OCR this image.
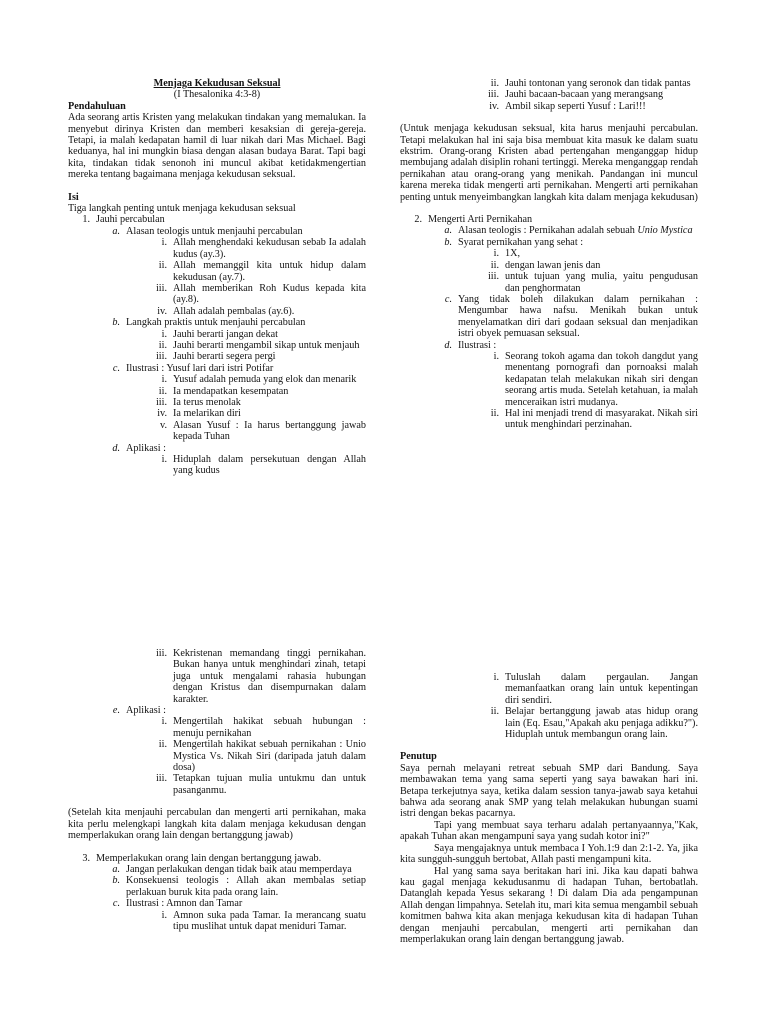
Menjaga Kekudusan Seksual

(I Thesalonika 4:3-8)

Pendahuluan

Ada seorang artis Kristen yang melakukan tindakan yang memalukan. Ia menyebut dirinya Kristen dan memberi kesaksian di gereja-gereja. Tetapi, ia malah kedapatan hamil di luar nikah dari Mas Michael. Bagi keduanya, hal ini mungkin biasa dengan alasan budaya Barat. Tapi bagi kita, tindakan tidak senonoh ini muncul akibat ketidakmengertian mereka tentang bagaimana menjaga kekudusan seksual.

Isi

Tiga langkah penting untuk menjaga kekudusan seksual

1. Jauhi percabulan
a. Alasan teologis untuk menjauhi percabulan
i. Allah menghendaki kekudusan sebab Ia adalah kudus (ay.3).
ii. Allah memanggil kita untuk hidup dalam kekudusan (ay.7).
iii. Allah memberikan Roh Kudus kepada kita (ay.8).
iv. Allah adalah pembalas (ay.6).
b. Langkah praktis untuk menjauhi percabulan
i. Jauhi berarti jangan dekat
ii. Jauhi berarti mengambil sikap untuk menjauh
iii. Jauhi berarti segera pergi
c. Ilustrasi : Yusuf lari dari istri Potifar
i. Yusuf adalah pemuda yang elok dan menarik
ii. Ia mendapatkan kesempatan
iii. Ia terus menolak
iv. Ia melarikan diri
v. Alasan Yusuf : Ia harus bertanggung jawab kepada Tuhan
d. Aplikasi :
i. Hiduplah dalam persekutuan dengan Allah yang kudus
ii. Jauhi tontonan yang seronok dan tidak pantas
iii. Jauhi bacaan-bacaan yang merangsang
iv. Ambil sikap seperti Yusuf : Lari!!!

(Untuk menjaga kekudusan seksual, kita harus menjauhi percabulan. Tetapi melakukan hal ini saja bisa membuat kita masuk ke dalam suatu ekstrim. Orang-orang Kristen abad pertengahan menganggap hidup membujang adalah disiplin rohani tertinggi. Mereka menganggap rendah pernikahan atau orang-orang yang menikah. Pandangan ini muncul karena mereka tidak mengerti arti pernikahan. Mengerti arti pernikahan penting untuk menyeimbangkan langkah kita dalam menjaga kekudusan)

2. Mengerti Arti Pernikahan
a. Alasan teologis : Pernikahan adalah sebuah Unio Mystica
b. Syarat pernikahan yang sehat :
i. 1X,
ii. dengan lawan jenis dan
iii. untuk tujuan yang mulia, yaitu pengudusan dan penghormatan
c. Yang tidak boleh dilakukan dalam pernikahan : Mengumbar hawa nafsu. Menikah bukan untuk menyelamatkan diri dari godaan seksual dan menjadikan istri obyek pemuasan seksual.
d. Ilustrasi :
i. Seorang tokoh agama dan tokoh dangdut yang menentang pornografi dan pornoaksi malah kedapatan telah melakukan nikah siri dengan seorang artis muda. Setelah ketahuan, ia malah menceraikan istri mudanya.
ii. Hal ini menjadi trend di masyarakat. Nikah siri untuk menghindari perzinahan.
iii. Kekristenan memandang tinggi pernikahan. Bukan hanya untuk menghindari zinah, tetapi juga untuk mengalami rahasia hubungan dengan Kristus dan disempurnakan dalam karakter.
e. Aplikasi :
i. Mengertilah hakikat sebuah hubungan : menuju pernikahan
ii. Mengertilah hakikat sebuah pernikahan : Unio Mystica Vs. Nikah Siri (daripada jatuh dalam dosa)
iii. Tetapkan tujuan mulia untukmu dan untuk pasanganmu.

(Setelah kita menjauhi percabulan dan mengerti arti pernikahan, maka kita perlu melengkapi langkah kita dalam menjaga kekudusan dengan memperlakukan orang lain dengan bertanggung jawab)

3. Memperlakukan orang lain dengan bertanggung jawab.
a. Jangan perlakukan dengan tidak baik atau memperdaya
b. Konsekuensi teologis : Allah akan membalas setiap perlakuan buruk kita pada orang lain.
c. Ilustrasi : Amnon dan Tamar
i. Amnon suka pada Tamar. Ia merancang suatu tipu muslihat untuk dapat meniduri Tamar.
i. Tuluslah dalam pergaulan. Jangan memanfaatkan orang lain untuk kepentingan diri sendiri.
ii. Belajar bertanggung jawab atas hidup orang lain (Eq. Esau,"Apakah aku penjaga adikku?"). Hiduplah untuk membangun orang lain.

Penutup

Saya pernah melayani retreat sebuah SMP dari Bandung. Saya membawakan tema yang sama seperti yang saya bawakan hari ini. Betapa terkejutnya saya, ketika dalam session tanya-jawab saya ketahui bahwa ada seorang anak SMP yang telah melakukan hubungan suami istri dengan bekas pacarnya.

Tapi yang membuat saya terharu adalah pertanyaannya,"Kak, apakah Tuhan akan mengampuni saya yang sudah kotor ini?"

Saya mengajaknya untuk membaca I Yoh.1:9 dan 2:1-2. Ya, jika kita sungguh-sungguh bertobat, Allah pasti mengampuni kita.

Hal yang sama saya beritakan hari ini. Jika kau dapati bahwa kau gagal menjaga kekudusanmu di hadapan Tuhan, bertobatlah. Datanglah kepada Yesus sekarang ! Di dalam Dia ada pengampunan Allah dengan limpahnya. Setelah itu, mari kita semua mengambil sebuah komitmen bahwa kita akan menjaga kekudusan kita di hadapan Tuhan dengan menjauhi percabulan, mengerti arti pernikahan dan memperlakukan orang lain dengan bertanggung jawab.
